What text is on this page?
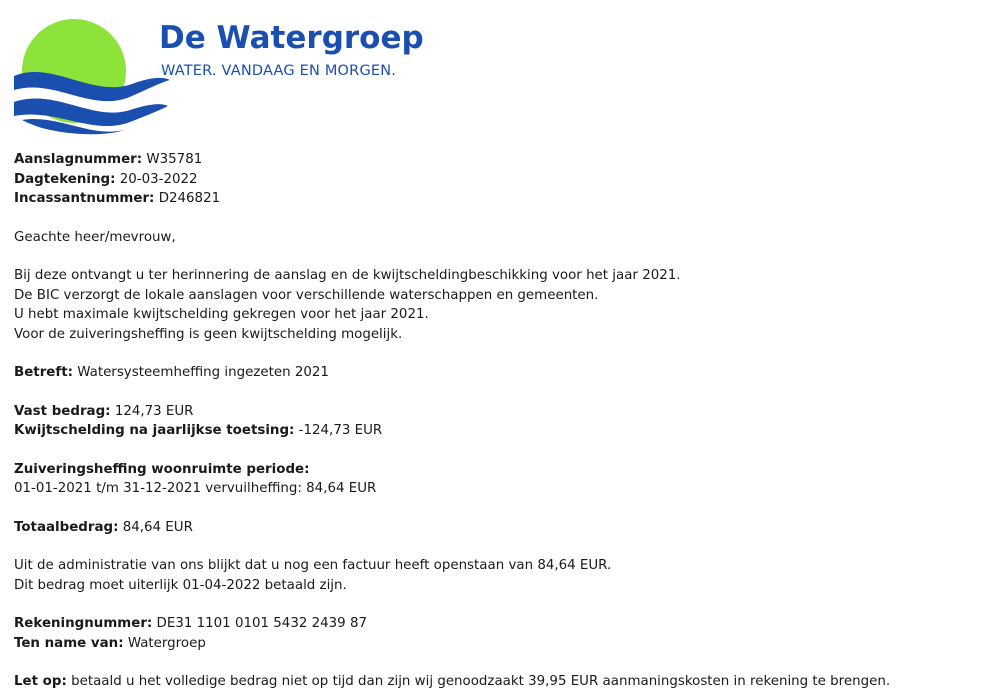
De Watergroep
WATER. VANDAAG EN MORGEN.
Aanslagnummer: W35781
Dagtekening: 20-03-2022
Incassantnummer: D246821
Geachte heer/mevrouw,
Bij deze ontvangt u ter herinnering de aanslag en de kwijtscheldingbeschikking voor het jaar 2021.
De BIC verzorgt de lokale aanslagen voor verschillende waterschappen en gemeenten.
U hebt maximale kwijtschelding gekregen voor het jaar 2021.
Voor de zuiveringsheffing is geen kwijtschelding mogelijk.
Betreft: Watersysteemheffing ingezeten 2021
Vast bedrag: 124,73 EUR
Kwijtschelding na jaarlijkse toetsing: -124,73 EUR
Zuiveringsheffing woonruimte periode:
01-01-2021 t/m 31-12-2021 vervuilheffing: 84,64 EUR
Totaalbedrag: 84,64 EUR
Uit de administratie van ons blijkt dat u nog een factuur heeft openstaan van 84,64 EUR.
Dit bedrag moet uiterlijk 01-04-2022 betaald zijn.
Rekeningnummer: DE31 1101 0101 5432 2439 87
Ten name van: Watergroep
Let op: betaald u het volledige bedrag niet op tijd dan zijn wij genoodzaakt 39,95 EUR aanmaningskosten in rekening te brengen.
